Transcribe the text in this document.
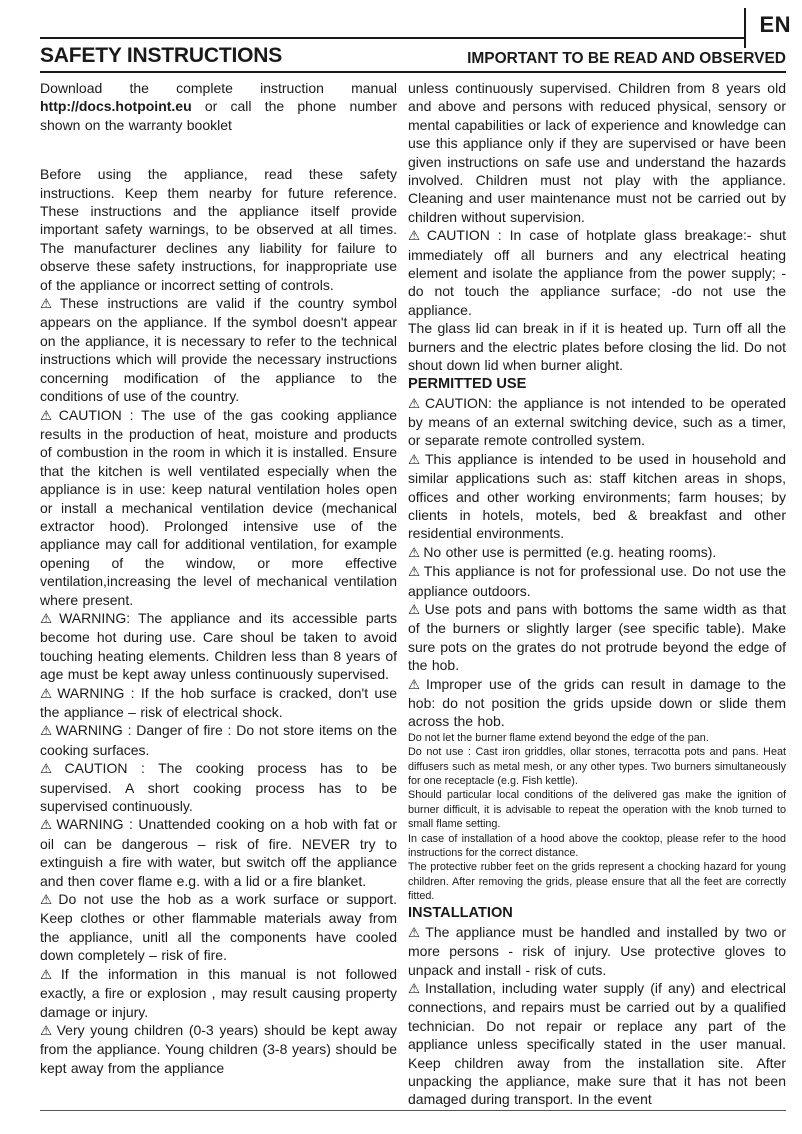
EN
SAFETY INSTRUCTIONS	IMPORTANT TO BE READ AND OBSERVED

Download the complete instruction manual http://docs.hotpoint.eu or call the phone number shown on the warranty booklet

Before using the appliance, read these safety instructions. Keep them nearby for future reference. These instructions and the appliance itself provide important safety warnings, to be observed at all times. The manufacturer declines any liability for failure to observe these safety instructions, for inappropriate use of the appliance or incorrect setting of controls.

⚠ These instructions are valid if the country symbol appears on the appliance. If the symbol doesn't appear on the appliance, it is necessary to refer to the technical instructions which will provide the necessary instructions concerning modification of the appliance to the conditions of use of the country.

⚠ CAUTION : The use of the gas cooking appliance results in the production of heat, moisture and products of combustion in the room in which it is installed. Ensure that the kitchen is well ventilated especially when the appliance is in use: keep natural ventilation holes open or install a mechanical ventilation device (mechanical extractor hood). Prolonged intensive use of the appliance may call for additional ventilation, for example opening of the window, or more effective ventilation,increasing the level of mechanical ventilation where present.

⚠ WARNING: The appliance and its accessible parts become hot during use. Care shoul be taken to avoid touching heating elements. Children less than 8 years of age must be kept away unless continuously supervised.

⚠ WARNING : If the hob surface is cracked, don't use the appliance – risk of electrical shock.

⚠ WARNING : Danger of fire : Do not store items on the cooking surfaces.

⚠ CAUTION : The cooking process has to be supervised. A short cooking process has to be supervised continuously.

⚠ WARNING : Unattended cooking on a hob with fat or oil can be dangerous – risk of fire. NEVER try to extinguish a fire with water, but switch off the appliance and then cover flame e.g. with a lid or a fire blanket.

⚠ Do not use the hob as a work surface or support. Keep clothes or other flammable materials away from the appliance, unitl all the components have cooled down completely – risk of fire.

⚠ If the information in this manual is not followed exactly, a fire or explosion , may result causing property damage or injury.

⚠ Very young children (0-3 years) should be kept away from the appliance. Young children (3-8 years) should be kept away from the appliance

unless continuously supervised. Children from 8 years old and above and persons with reduced physical, sensory or mental capabilities or lack of experience and knowledge can use this appliance only if they are supervised or have been given instructions on safe use and understand the hazards involved. Children must not play with the appliance. Cleaning and user maintenance must not be carried out by children without supervision.

⚠ CAUTION : In case of hotplate glass breakage:- shut immediately off all burners and any electrical heating element and isolate the appliance from the power supply; - do not touch the appliance surface; -do not use the appliance.

The glass lid can break in if it is heated up. Turn off all the burners and the electric plates before closing the lid. Do not shout down lid when burner alight.

PERMITTED USE

⚠ CAUTION: the appliance is not intended to be operated by means of an external switching device, such as a timer, or separate remote controlled system.

⚠ This appliance is intended to be used in household and similar applications such as: staff kitchen areas in shops, offices and other working environments; farm houses; by clients in hotels, motels, bed & breakfast and other residential environments.

⚠ No other use is permitted (e.g. heating rooms).

⚠ This appliance is not for professional use. Do not use the appliance outdoors.

⚠ Use pots and pans with bottoms the same width as that of the burners or slightly larger (see specific table). Make sure pots on the grates do not protrude beyond the edge of the hob.

⚠ Improper use of the grids can result in damage to the hob: do not position the grids upside down or slide them across the hob.

Do not let the burner flame extend beyond the edge of the pan.

Do not use : Cast iron griddles, ollar stones, terracotta pots and pans. Heat diffusers such as metal mesh, or any other types. Two burners simultaneously for one receptacle (e.g. Fish kettle).

Should particular local conditions of the delivered gas make the ignition of burner difficult, it is advisable to repeat the operation with the knob turned to small flame setting.

In case of installation of a hood above the cooktop, please refer to the hood instructions for the correct distance.

The protective rubber feet on the grids represent a chocking hazard for young children. After removing the grids, please ensure that all the feet are correctly fitted.

INSTALLATION

⚠ The appliance must be handled and installed by two or more persons - risk of injury. Use protective gloves to unpack and install - risk of cuts.

⚠ Installation, including water supply (if any) and electrical connections, and repairs must be carried out by a qualified technician. Do not repair or replace any part of the appliance unless specifically stated in the user manual. Keep children away from the installation site. After unpacking the appliance, make sure that it has not been damaged during transport. In the event
